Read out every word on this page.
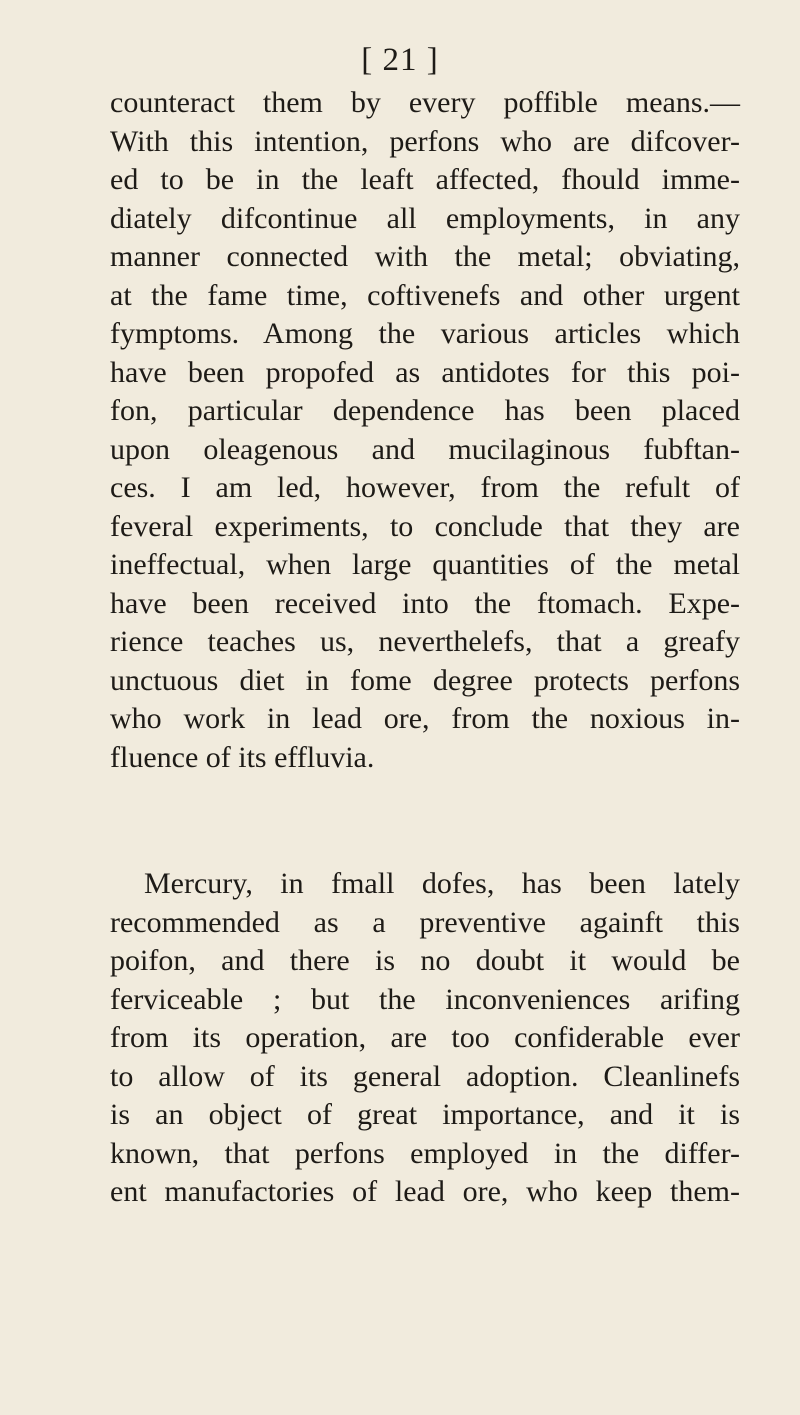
[ 21 ]
counteract them by every poffible means.—
With this intention, perfons who are difcover-
ed to be in the leaft affected, fhould imme-
diately difcontinue all employments, in any
manner connected with the metal; obviating,
at the fame time, coftivenefs and other urgent
fymptoms. Among the various articles which
have been propofed as antidotes for this poi-
fon, particular dependence has been placed
upon oleagenous and mucilaginous fubftan-
ces. I am led, however, from the refult of
feveral experiments, to conclude that they are
ineffectual, when large quantities of the metal
have been received into the ftomach. Expe-
rience teaches us, neverthelefs, that a greafy
unctuous diet in fome degree protects perfons
who work in lead ore, from the noxious in-
fluence of its effluvia.
Mercury, in fmall dofes, has been lately
recommended as a preventive againft this
poifon, and there is no doubt it would be
ferviceable ; but the inconveniences arifing
from its operation, are too confiderable ever
to allow of its general adoption. Cleanlinefs
is an object of great importance, and it is
known, that perfons employed in the differ-
ent manufactories of lead ore, who keep them-
